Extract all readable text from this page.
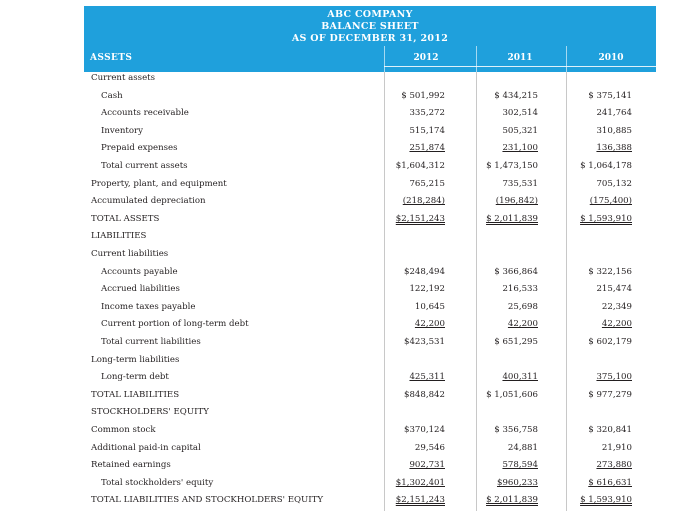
ABC COMPANY
BALANCE SHEET
AS OF DECEMBER 31, 2012
ASSETS	2012	2011	2010
Current assets
Cash	$ 501,992	$ 434,215	$ 375,141
Accounts receivable	335,272	302,514	241,764
Inventory	515,174	505,321	310,885
Prepaid expenses	251,874	231,100	136,388
Total current assets	$1,604,312	$ 1,473,150	$ 1,064,178
Property, plant, and equipment	765,215	735,531	705,132
Accumulated depreciation	(218,284)	(196,842)	(175,400)
TOTAL ASSETS	$2,151,243	$ 2,011,839	$ 1,593,910
LIABILITIES
Current liabilities
Accounts payable	$248,494	$ 366,864	$ 322,156
Accrued liabilities	122,192	216,533	215,474
Income taxes payable	10,645	25,698	22,349
Current portion of long-term debt	42,200	42,200	42,200
Total current liabilities	$423,531	$ 651,295	$ 602,179
Long-term liabilities
Long-term debt	425,311	400,311	375,100
TOTAL LIABILITIES	$848,842	$ 1,051,606	$ 977,279
STOCKHOLDERS' EQUITY
Common stock	$370,124	$ 356,758	$ 320,841
Additional paid-in capital	29,546	24,881	21,910
Retained earnings	902,731	578,594	273,880
Total stockholders' equity	$1,302,401	$960,233	$ 616,631
TOTAL LIABILITIES AND STOCKHOLDERS' EQUITY	$2,151,243	$ 2,011,839	$ 1,593,910
